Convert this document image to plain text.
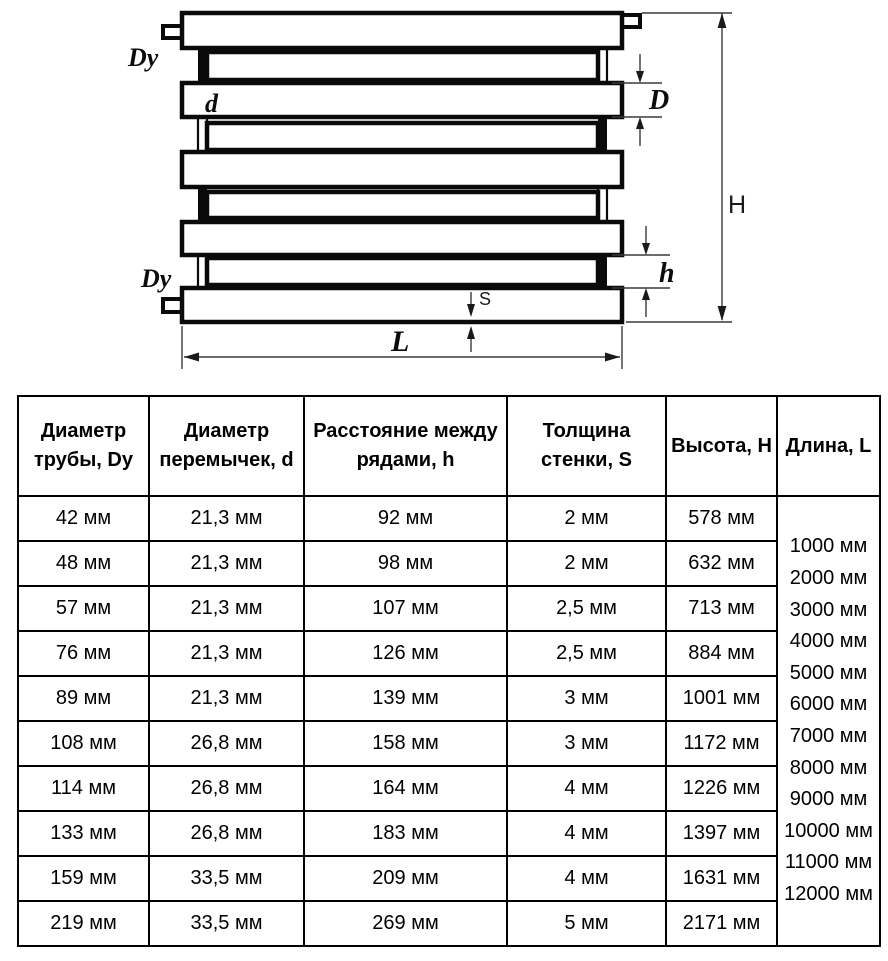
Dy
Dy
d	D
h
H
S
L
Диаметр трубы, Dy	Диаметр перемычек, d	Расстояние между рядами, h	Толщина стенки, S	Высота, H	Длина, L
42 мм	21,3 мм	92 мм	2 мм	578 мм	
1000 мм
2000 мм
3000 мм
4000 мм
5000 мм
6000 мм
7000 мм
8000 мм
9000 мм
10000 мм
11000 мм
12000 мм

48 мм	21,3 мм	98 мм	2 мм	632 мм	
57 мм	21,3 мм	107 мм	2,5 мм	713 мм	
76 мм	21,3 мм	126 мм	2,5 мм	884 мм	
89 мм	21,3 мм	139 мм	3 мм	1001 мм	
108 мм	26,8 мм	158 мм	3 мм	1172 мм	
114 мм	26,8 мм	164 мм	4 мм	1226 мм	
133 мм	26,8 мм	183 мм	4 мм	1397 мм	
159 мм	33,5 мм	209 мм	4 мм	1631 мм	
219 мм	33,5 мм	269 мм	5 мм	2171 мм	
